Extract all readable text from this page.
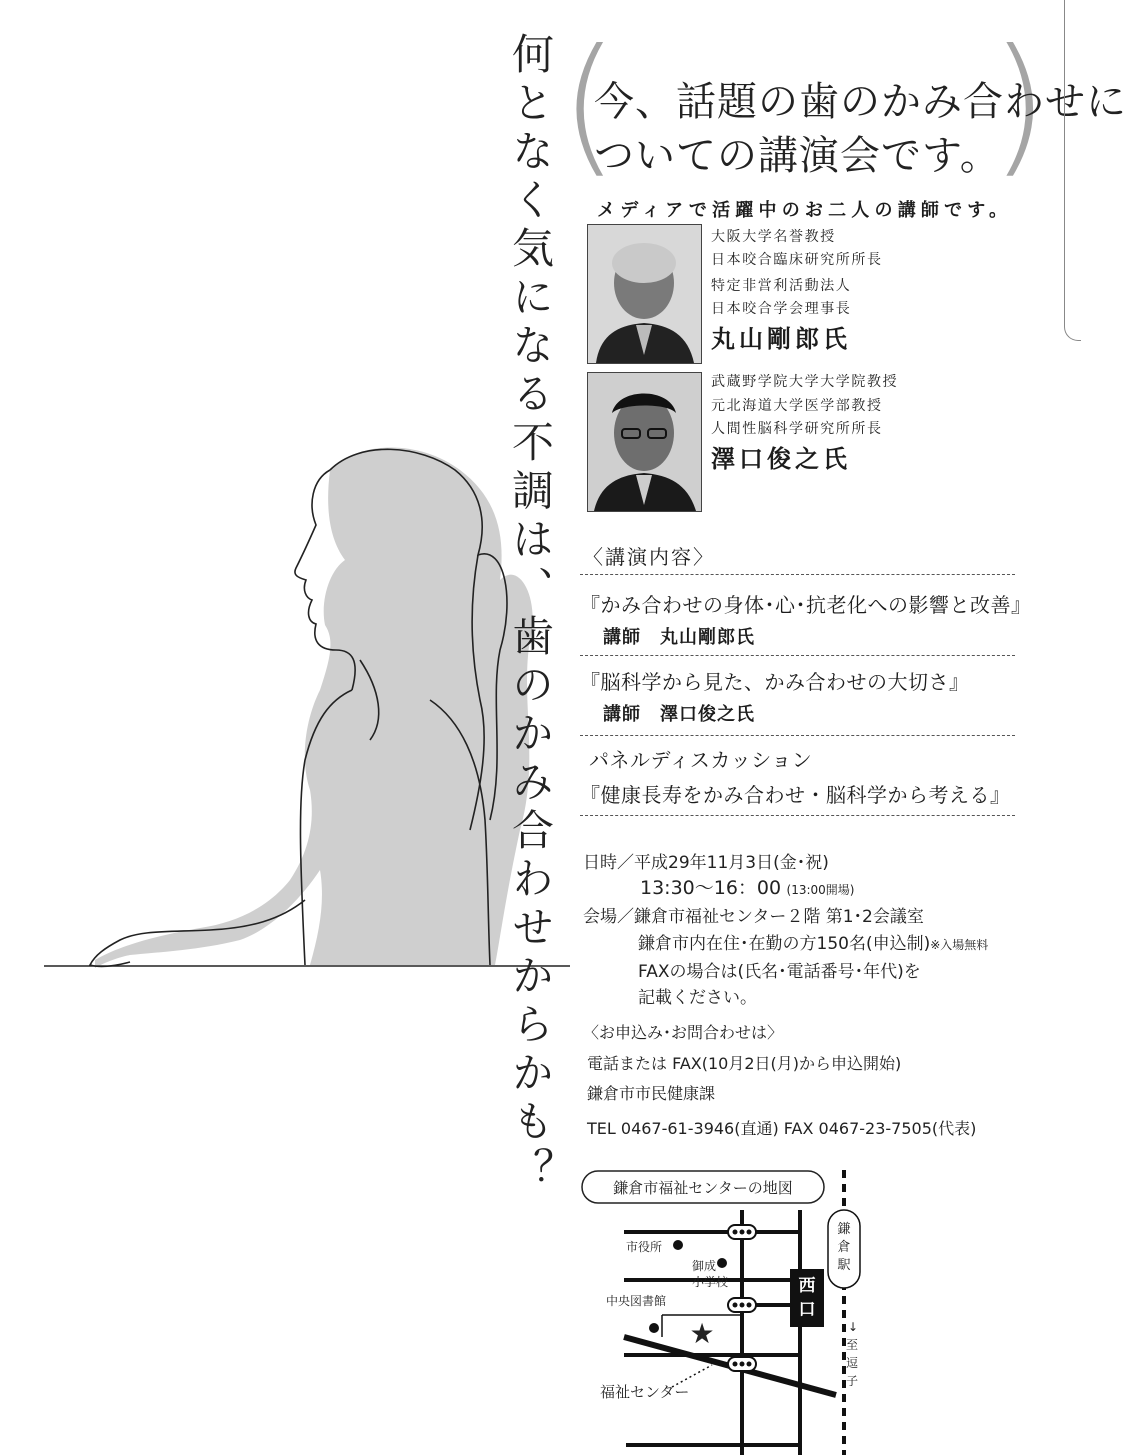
何となく気になる不調は、歯のかみ合わせからかも？ ( )
今、話題の歯のかみ合わせに
ついての講演会です。
メディアで活躍中のお二人の講師です。
大阪大学名誉教授
日本咬合臨床研究所所長
特定非営利活動法人
日本咬合学会理事長
丸山剛郎氏
武蔵野学院大学大学院教授
元北海道大学医学部教授
人間性脳科学研究所所長
澤口俊之氏
〈講演内容〉
『かみ合わせの身体･心･抗老化への影響と改善』
講師　丸山剛郎氏
『脳科学から見た、かみ合わせの大切さ』
講師　澤口俊之氏
パネルディスカッション
『健康長寿をかみ合わせ・脳科学から考える』
日時／平成29年11月3日(金･祝)
13:30〜16：00 (13:00開場)
会場／鎌倉市福祉センター２階 第1･2会議室
鎌倉市内在住･在勤の方150名(申込制)※入場無料
FAXの場合は(氏名･電話番号･年代)を
記載ください。
〈お申込み･お問合わせは〉
電話または FAX(10月2日(月)から申込開始)
鎌倉市市民健康課
TEL 0467-61-3946(直通) FAX 0467-23-7505(代表)
鎌倉市福祉センターの地図
西
口
鎌
倉
駅
市役所
御成
小学校
中央図書館
★
福祉センター
↓
至
逗
子
